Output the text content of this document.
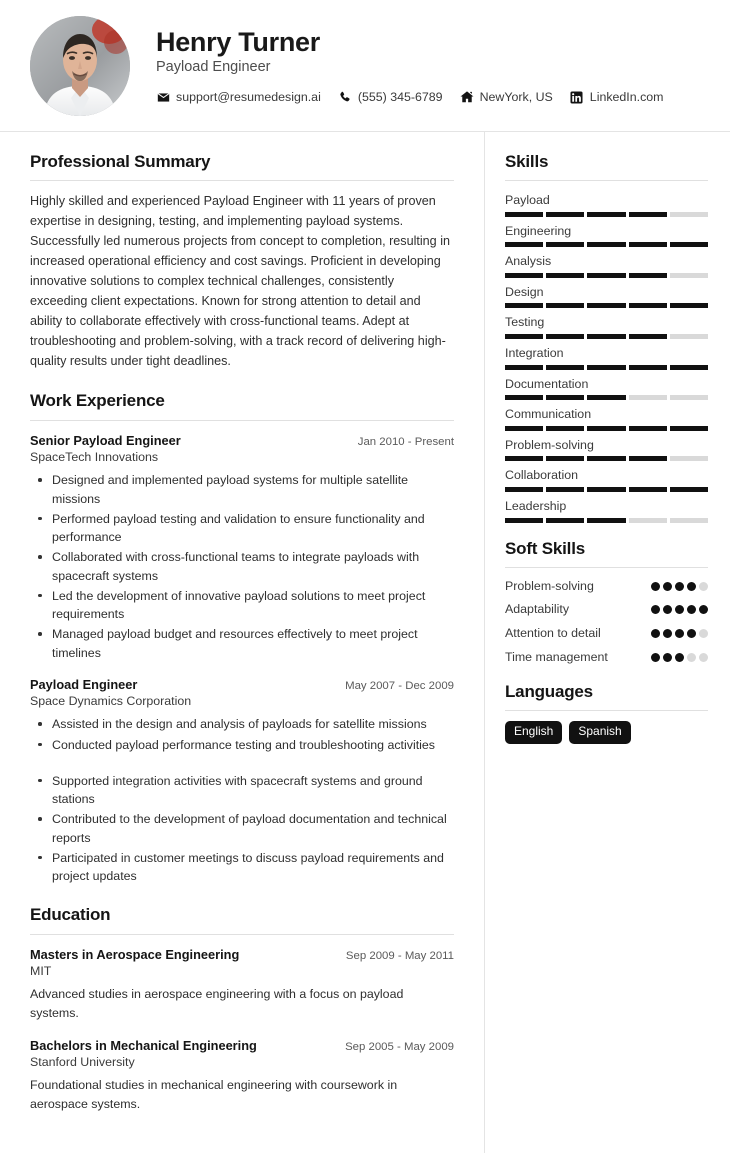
Henry Turner
Payload Engineer
support@resumedesign.ai	(555) 345-6789	NewYork, US	LinkedIn.com
Professional Summary
Highly skilled and experienced Payload Engineer with 11 years of proven expertise in designing, testing, and implementing payload systems. Successfully led numerous projects from concept to completion, resulting in increased operational efficiency and cost savings. Proficient in developing innovative solutions to complex technical challenges, consistently exceeding client expectations. Known for strong attention to detail and ability to collaborate effectively with cross-functional teams. Adept at troubleshooting and problem-solving, with a track record of delivering high-quality results under tight deadlines.
Work Experience
Senior Payload Engineer	Jan 2010 - Present
SpaceTech Innovations
Designed and implemented payload systems for multiple satellite missions
Performed payload testing and validation to ensure functionality and performance
Collaborated with cross-functional teams to integrate payloads with spacecraft systems
Led the development of innovative payload solutions to meet project requirements
Managed payload budget and resources effectively to meet project timelines
Payload Engineer	May 2007 - Dec 2009
Space Dynamics Corporation
Assisted in the design and analysis of payloads for satellite missions
Conducted payload performance testing and troubleshooting activities
Supported integration activities with spacecraft systems and ground stations
Contributed to the development of payload documentation and technical reports
Participated in customer meetings to discuss payload requirements and project updates
Education
Masters in Aerospace Engineering	Sep 2009 - May 2011
MIT
Advanced studies in aerospace engineering with a focus on payload systems.
Bachelors in Mechanical Engineering	Sep 2005 - May 2009
Stanford University
Foundational studies in mechanical engineering with coursework in aerospace systems.
Skills
Payload
Engineering
Analysis
Design
Testing
Integration
Documentation
Communication
Problem-solving
Collaboration
Leadership
Soft Skills
Problem-solving
Adaptability
Attention to detail
Time management
Languages
English	Spanish
